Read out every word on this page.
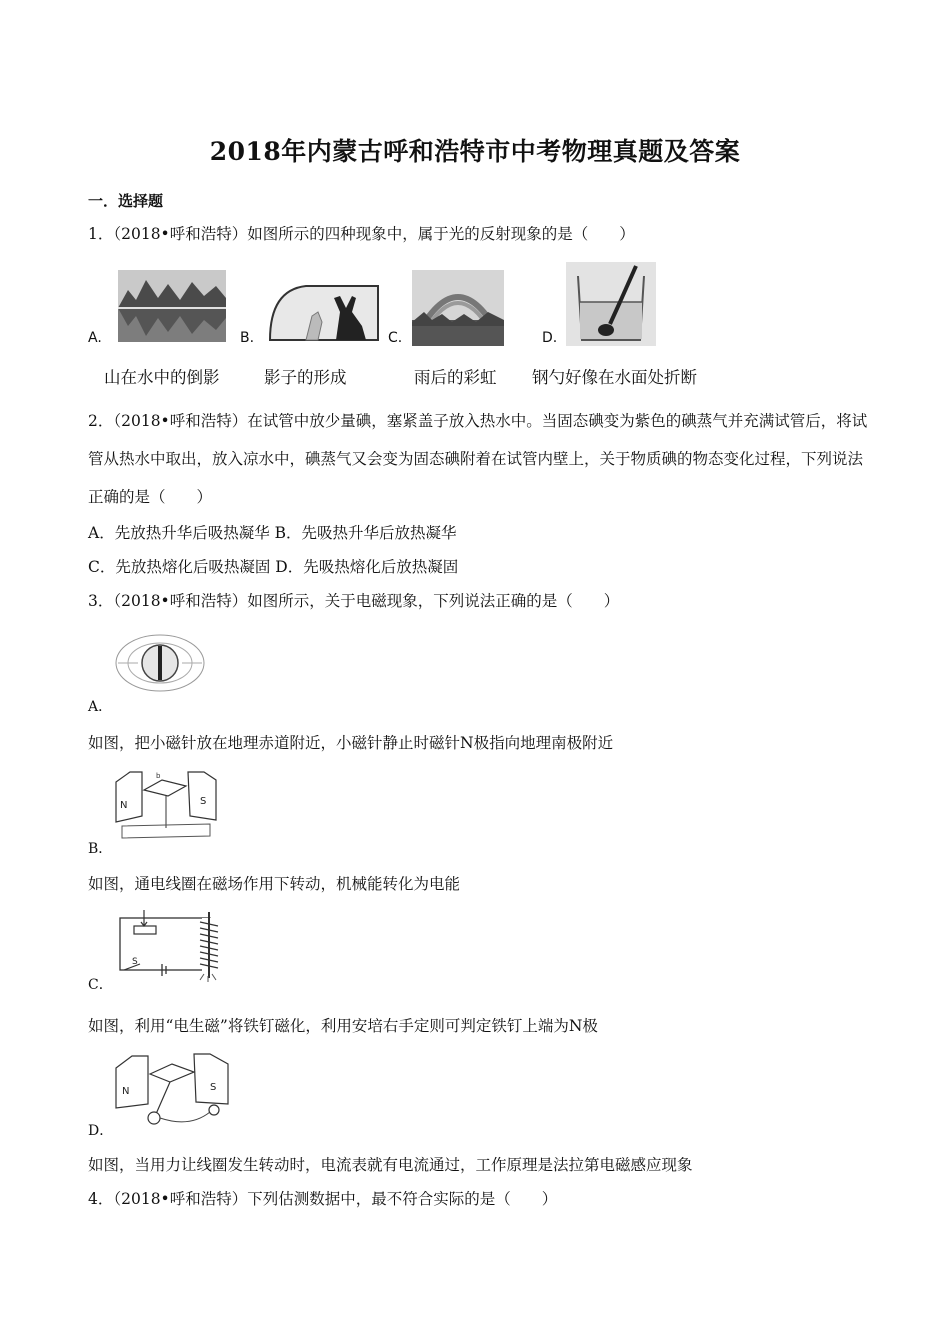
2018年内蒙古呼和浩特市中考物理真题及答案
一．选择题
1．（2018•呼和浩特）如图所示的四种现象中，属于光的反射现象的是（　　）
A.
山在水中的倒影
B.
影子的形成
C.
雨后的彩虹
D.
钢勺好像在水面处折断
2．（2018•呼和浩特）在试管中放少量碘，塞紧盖子放入热水中。当固态碘变为紫色的碘蒸气并充满试管后，将试管从热水中取出，放入凉水中，碘蒸气又会变为固态碘附着在试管内壁上，关于物质碘的物态变化过程，下列说法正确的是（　　）
A．先放热升华后吸热凝华 B．先吸热升华后放热凝华
C．先放热熔化后吸热凝固 D．先吸热熔化后放热凝固
3．（2018•呼和浩特）如图所示，关于电磁现象，下列说法正确的是（　　）
A．
如图，把小磁针放在地理赤道附近，小磁针静止时磁针N极指向地理南极附近
N	S
b
B．
如图，通电线圈在磁场作用下转动，机械能转化为电能
S
C．
如图，利用“电生磁”将铁钉磁化，利用安培右手定则可判定铁钉上端为N极
N	S
D．
如图，当用力让线圈发生转动时，电流表就有电流通过，工作原理是法拉第电磁感应现象
4．（2018•呼和浩特）下列估测数据中，最不符合实际的是（　　）
